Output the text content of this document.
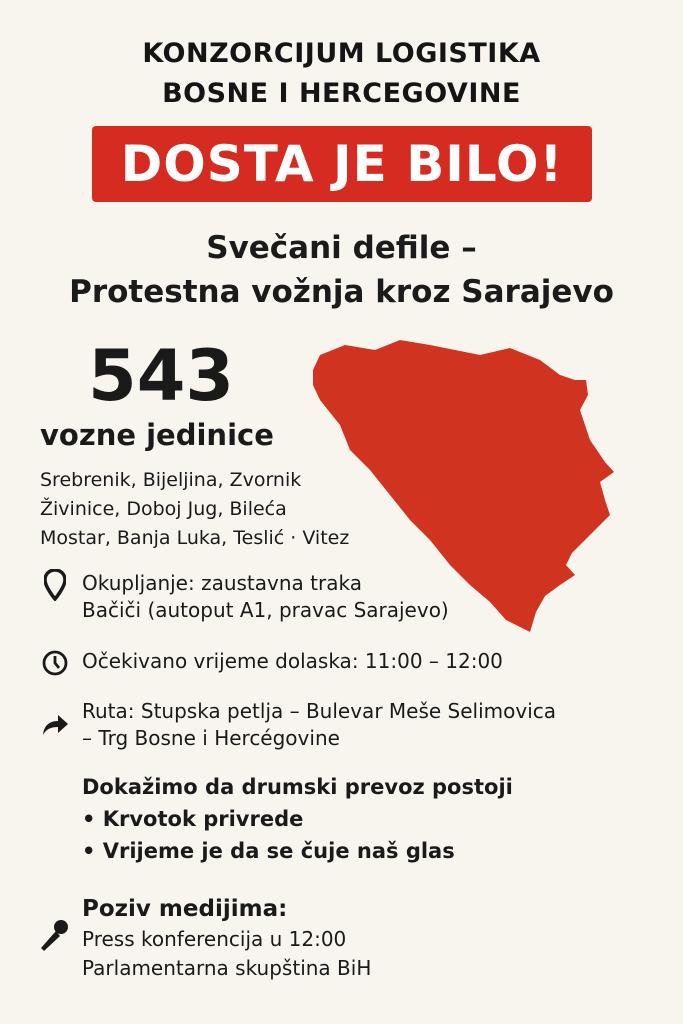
KONZORCIJUM LOGISTIKA
BOSNE I HERCEGOVINE
DOSTA JE BILO!
Svečani defile –
Protestna vožnja kroz Sarajevo
543
vozne jedinice
Srebrenik, Bijeljina, Zvornik
Živinice, Doboj Jug, Bileća
Mostar, Banja Luka, Teslić · Vitez
Okupljanje: zaustavna traka
Bačiči (autoput A1, pravac Sarajevo)
Očekivano vrijeme dolaska: 11:00 – 12:00
Ruta: Stupska petlja – Bulevar Meše Selimovica
– Trg Bosne i Hercégovine
Dokažimo da drumski prevoz postoji
• Krvotok privrede
• Vrijeme je da se čuje naš glas
Poziv medijima:
Press konferencija u 12:00
Parlamentarna skupština BiH
